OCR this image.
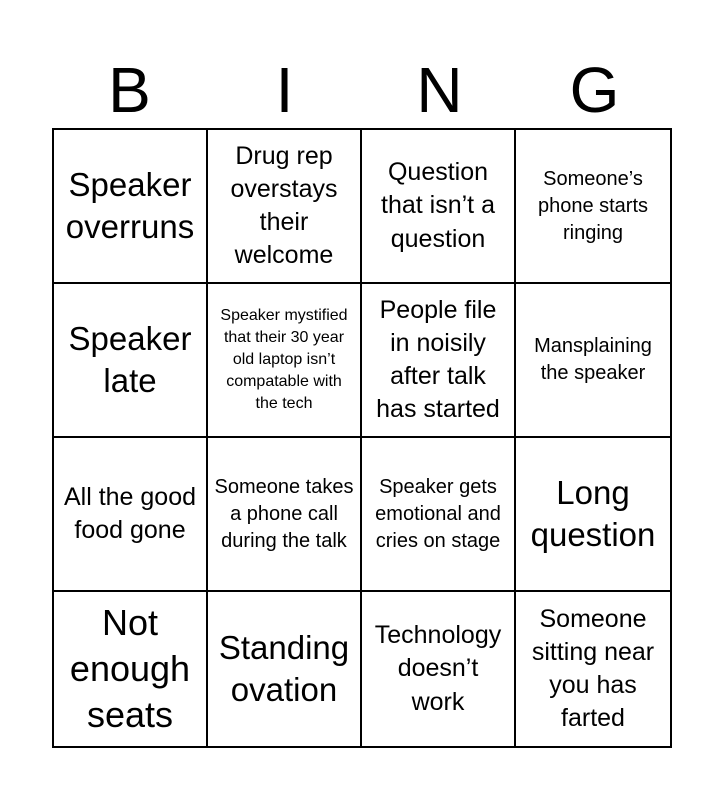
B	I	N	G
Speaker overruns
Drug rep overstays their welcome
Question that isn’t a question
Someone’s phone starts ringing
Speaker late
Speaker mystified that their 30 year old laptop isn’t compatable with the tech
People file in noisily after talk has started
Mansplaining the speaker
All the good food gone
Someone takes a phone call during the talk
Speaker gets emotional and cries on stage
Long question
Not enough seats
Standing ovation
Technology doesn’t work
Someone sitting near you has farted
